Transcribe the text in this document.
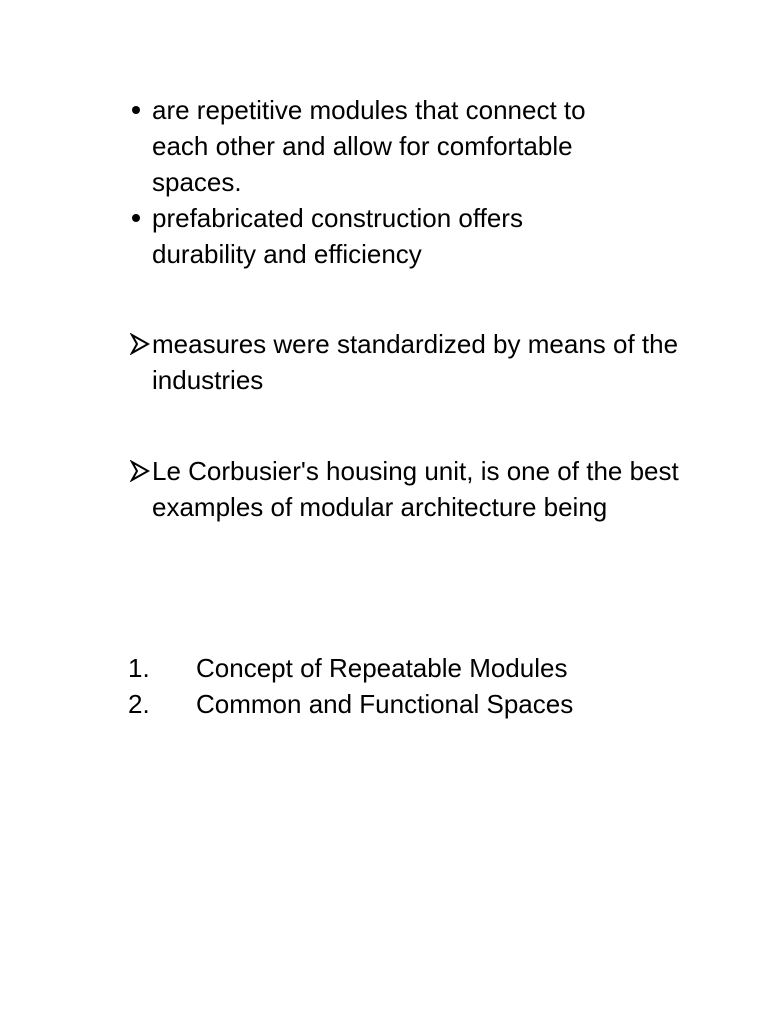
are repetitive modules that connect to each other and allow for comfortable spaces.
prefabricated construction offers durability and efficiency
measures were standardized by means of the industries
Le Corbusier's housing unit, is one of the best examples of modular architecture being
1. Concept of Repeatable Modules
2. Common and Functional Spaces
